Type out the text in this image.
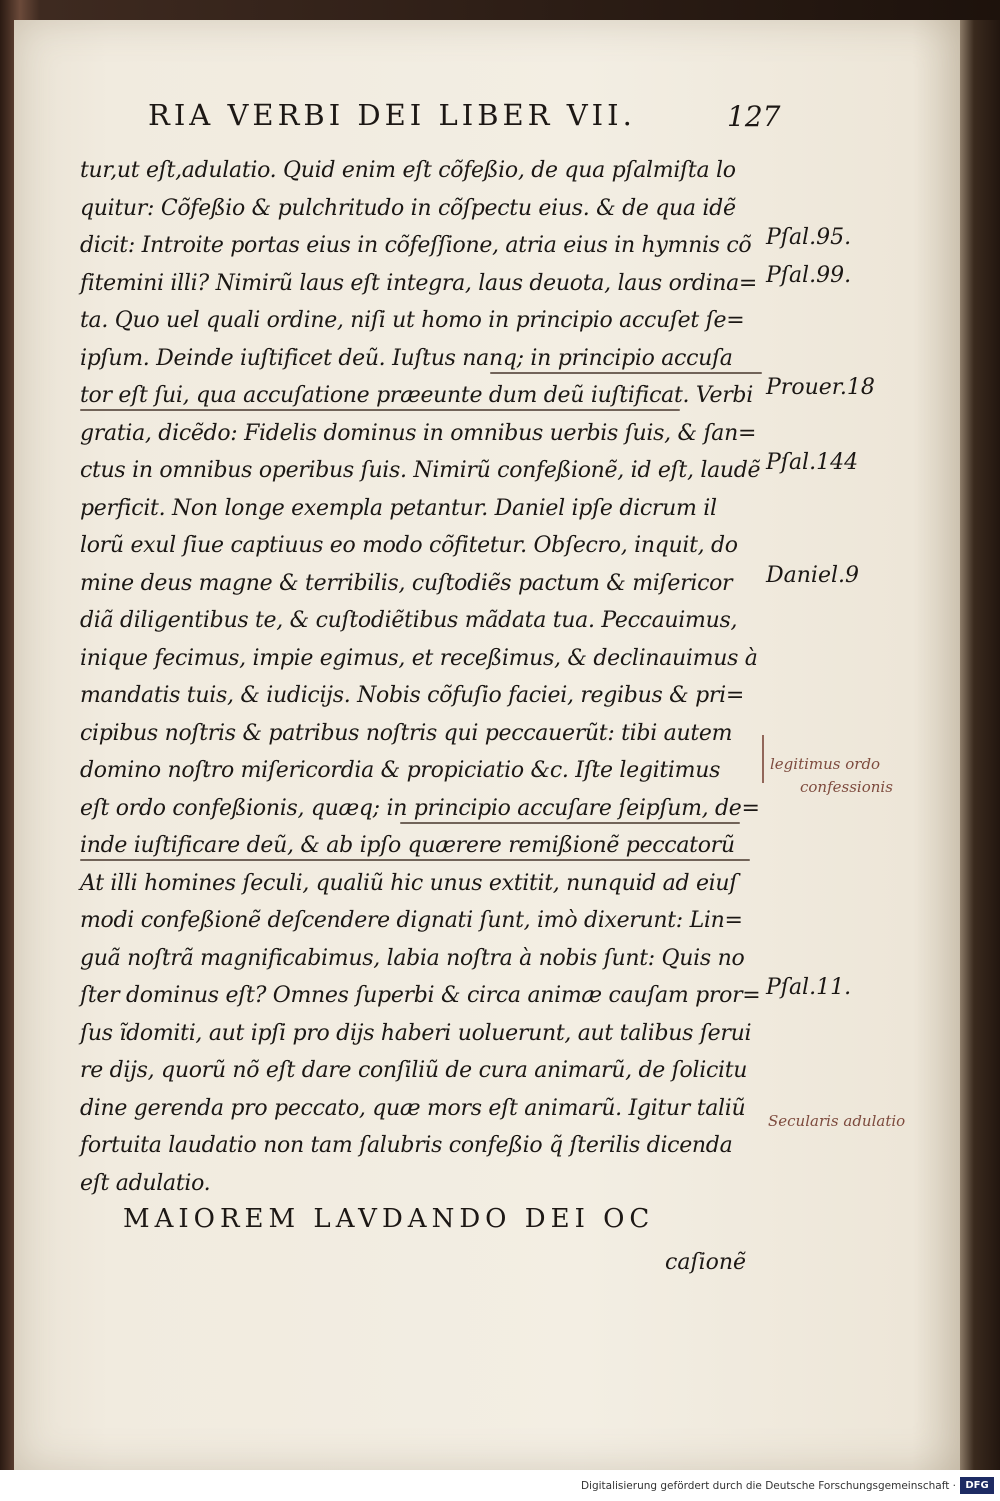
RIA VERBI DEI LIBER VII.	127
tur,ut eſt,adulatio. Quid enim eſt cõfeßio, de qua pſalmiſta lo
quitur: Cõfeßio & pulchritudo in cõſpectu eius. & de qua idẽ
dicit: Introite portas eius in cõfeſſione, atria eius in hymnis cõ
fitemini illi? Nimirũ laus eſt integra, laus deuota, laus ordina=
ta. Quo uel quali ordine, niſi ut homo in principio accuſet ſe=
ipſum. Deinde iuſtificet deũ. Iuſtus nanq; in principio accuſa
tor eſt ſui, qua accuſatione præeunte dum deũ iuſtificat. Verbi
gratia, dicẽdo: Fidelis dominus in omnibus uerbis ſuis, & ſan=
ctus in omnibus operibus ſuis. Nimirũ confeßionẽ, id eſt, laudẽ
perficit. Non longe exempla petantur. Daniel ipſe dicrum il
lorũ exul ſiue captiuus eo modo cõfitetur. Obſecro, inquit, do
mine deus magne & terribilis, cuſtodiẽs pactum & miſericor
diã diligentibus te, & cuſtodiẽtibus mãdata tua. Peccauimus,
inique fecimus, impie egimus, et receßimus, & declinauimus à
mandatis tuis, & iudicijs. Nobis cõfuſio faciei, regibus & pri=
cipibus noſtris & patribus noſtris qui peccauerũt: tibi autem
domino noſtro miſericordia & propiciatio &c. Iſte legitimus
eſt ordo confeßionis, quæq; in principio accuſare ſeipſum, de=
inde iuſtificare deũ, & ab ipſo quærere remißionẽ peccatorũ
At illi homines ſeculi, qualiũ hic unus extitit, nunquid ad eiuſ
modi confeßionẽ deſcendere dignati ſunt, imò dixerunt: Lin=
guã noſtrã magnificabimus, labia noſtra à nobis ſunt: Quis no
ſter dominus eſt? Omnes ſuperbi & circa animæ cauſam pror=
ſus ĩdomiti, aut ipſi pro dijs haberi uoluerunt, aut talibus ſerui
re dijs, quorũ nõ eſt dare conſiliũ de cura animarũ, de ſolicitu
dine gerenda pro peccato, quæ mors eſt animarũ. Igitur taliũ
fortuita laudatio non tam ſalubris confeßio q̃ ſterilis dicenda
eſt adulatio.
Pſal.95.
Pſal.99.
Prouer.18
Pſal.144
Daniel.9
Pſal.11.
legitimus ordo
confessionis
Secularis adulatio
MAIOREM LAVDANDO DEI OC
caſionẽ
Digitalisierung gefördert durch die Deutsche Forschungsgemeinschaft · DFG
